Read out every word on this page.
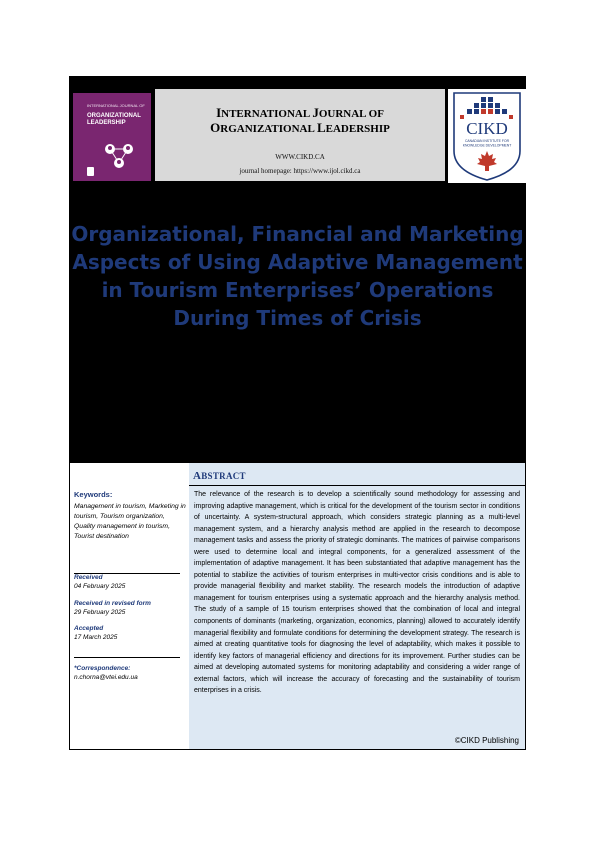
INTERNATIONAL JOURNAL OF
ORGANIZATIONAL
LEADERSHIP
INTERNATIONAL JOURNAL OF
ORGANIZATIONAL LEADERSHIP
WWW.CIKD.CA
journal homepage: https://www.ijol.cikd.ca
CIKD
CANADIAN INSTITUTE FOR
KNOWLEDGE DEVELOPMENT
Organizational, Financial and Marketing
Aspects of Using Adaptive Management
in Tourism Enterprises’ Operations
During Times of Crisis
Keywords:
Management in tourism, Marketing in tourism, Tourism organization, Quality management in tourism, Tourist destination
Received
04 February 2025
Received in revised form
29 February 2025
Accepted
17 March 2025
*Correspondence:
n.chorna@vtei.edu.ua
ABSTRACT
The relevance of the research is to develop a scientifically sound methodology for assessing and improving adaptive management, which is critical for the development of the tourism sector in conditions of uncertainty. A system-structural approach, which considers strategic planning as a multi-level management system, and a hierarchy analysis method are applied in the research to decompose management tasks and assess the priority of strategic dominants. The matrices of pairwise comparisons were used to determine local and integral components, for a generalized assessment of the implementation of adaptive management. It has been substantiated that adaptive management has the potential to stabilize the activities of tourism enterprises in multi-vector crisis conditions and is able to provide managerial flexibility and market stability. The research models the introduction of adaptive management for tourism enterprises using a systematic approach and the hierarchy analysis method. The study of a sample of 15 tourism enterprises showed that the combination of local and integral components of dominants (marketing, organization, economics, planning) allowed to accurately identify managerial flexibility and formulate conditions for determining the development strategy. The research is aimed at creating quantitative tools for diagnosing the level of adaptability, which makes it possible to identify key factors of managerial efficiency and directions for its improvement. Further studies can be aimed at developing automated systems for monitoring adaptability and considering a wider range of external factors, which will increase the accuracy of forecasting and the sustainability of tourism enterprises in a crisis.
©CIKD Publishing
